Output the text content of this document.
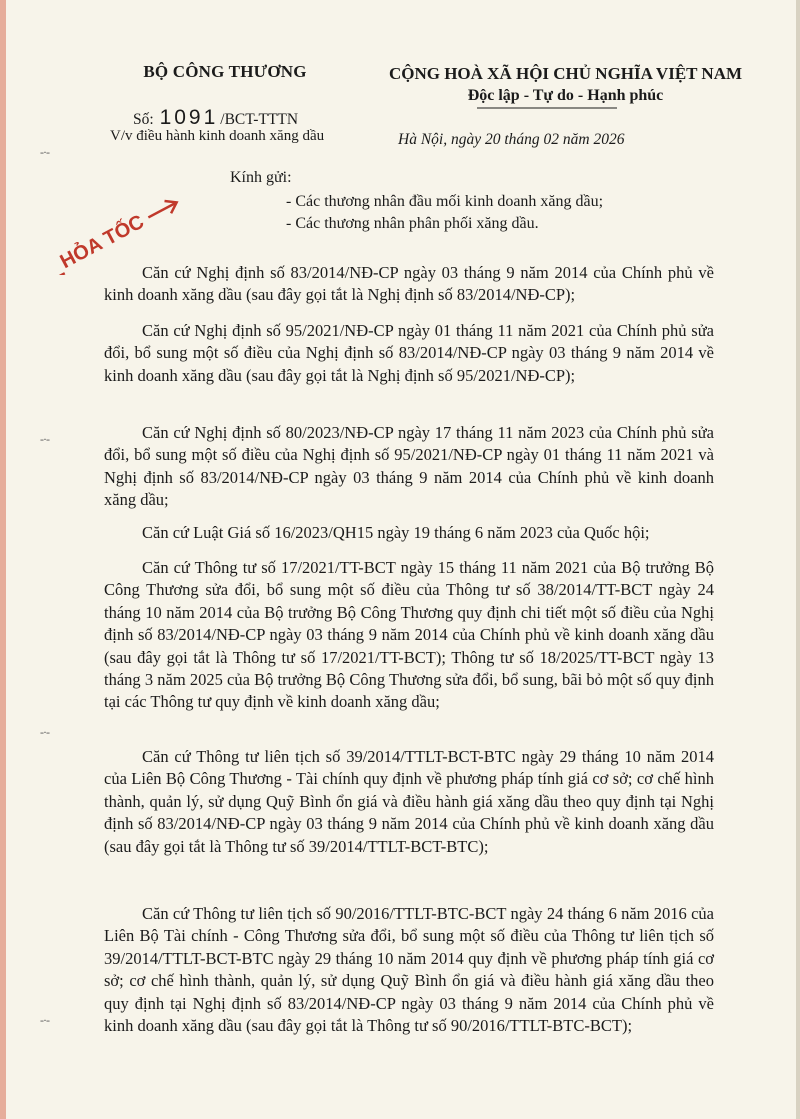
BỘ CÔNG THƯƠNG
Số: 1091 /BCT-TTTN
V/v điều hành kinh doanh xăng dầu
CỘNG HOÀ XÃ HỘI CHỦ NGHĨA VIỆT NAM
Độc lập - Tự do - Hạnh phúc
Hà Nội, ngày 20 tháng 02 năm 2026
HỎA TỐC
Kính gửi:
- Các thương nhân đầu mối kinh doanh xăng dầu;
- Các thương nhân phân phối xăng dầu.
-·-
-·-
-·-
-·-

Căn cứ Nghị định số 83/2014/NĐ-CP ngày 03 tháng 9 năm 2014 của Chính phủ về kinh doanh xăng dầu (sau đây gọi tắt là Nghị định số 83/2014/NĐ-CP);

Căn cứ Nghị định số 95/2021/NĐ-CP ngày 01 tháng 11 năm 2021 của Chính phủ sửa đổi, bổ sung một số điều của Nghị định số 83/2014/NĐ-CP ngày 03 tháng 9 năm 2014 về kinh doanh xăng dầu (sau đây gọi tắt là Nghị định số 95/2021/NĐ-CP);

Căn cứ Nghị định số 80/2023/NĐ-CP ngày 17 tháng 11 năm 2023 của Chính phủ sửa đổi, bổ sung một số điều của Nghị định số 95/2021/NĐ-CP ngày 01 tháng 11 năm 2021 và Nghị định số 83/2014/NĐ-CP ngày 03 tháng 9 năm 2014 của Chính phủ về kinh doanh xăng dầu;

Căn cứ Luật Giá số 16/2023/QH15 ngày 19 tháng 6 năm 2023 của Quốc hội;

Căn cứ Thông tư số 17/2021/TT-BCT ngày 15 tháng 11 năm 2021 của Bộ trưởng Bộ Công Thương sửa đổi, bổ sung một số điều của Thông tư số 38/2014/TT-BCT ngày 24 tháng 10 năm 2014 của Bộ trưởng Bộ Công Thương quy định chi tiết một số điều của Nghị định số 83/2014/NĐ-CP ngày 03 tháng 9 năm 2014 của Chính phủ về kinh doanh xăng dầu (sau đây gọi tắt là Thông tư số 17/2021/TT-BCT); Thông tư số 18/2025/TT-BCT ngày 13 tháng 3 năm 2025 của Bộ trưởng Bộ Công Thương sửa đổi, bổ sung, bãi bỏ một số quy định tại các Thông tư quy định về kinh doanh xăng dầu;

Căn cứ Thông tư liên tịch số 39/2014/TTLT-BCT-BTC ngày 29 tháng 10 năm 2014 của Liên Bộ Công Thương - Tài chính quy định về phương pháp tính giá cơ sở; cơ chế hình thành, quản lý, sử dụng Quỹ Bình ổn giá và điều hành giá xăng dầu theo quy định tại Nghị định số 83/2014/NĐ-CP ngày 03 tháng 9 năm 2014 của Chính phủ về kinh doanh xăng dầu (sau đây gọi tắt là Thông tư số 39/2014/TTLT-BCT-BTC);

Căn cứ Thông tư liên tịch số 90/2016/TTLT-BTC-BCT ngày 24 tháng 6 năm 2016 của Liên Bộ Tài chính - Công Thương sửa đổi, bổ sung một số điều của Thông tư liên tịch số 39/2014/TTLT-BCT-BTC ngày 29 tháng 10 năm 2014 quy định về phương pháp tính giá cơ sở; cơ chế hình thành, quản lý, sử dụng Quỹ Bình ổn giá và điều hành giá xăng dầu theo quy định tại Nghị định số 83/2014/NĐ-CP ngày 03 tháng 9 năm 2014 của Chính phủ về kinh doanh xăng dầu (sau đây gọi tắt là Thông tư số 90/2016/TTLT-BTC-BCT);
